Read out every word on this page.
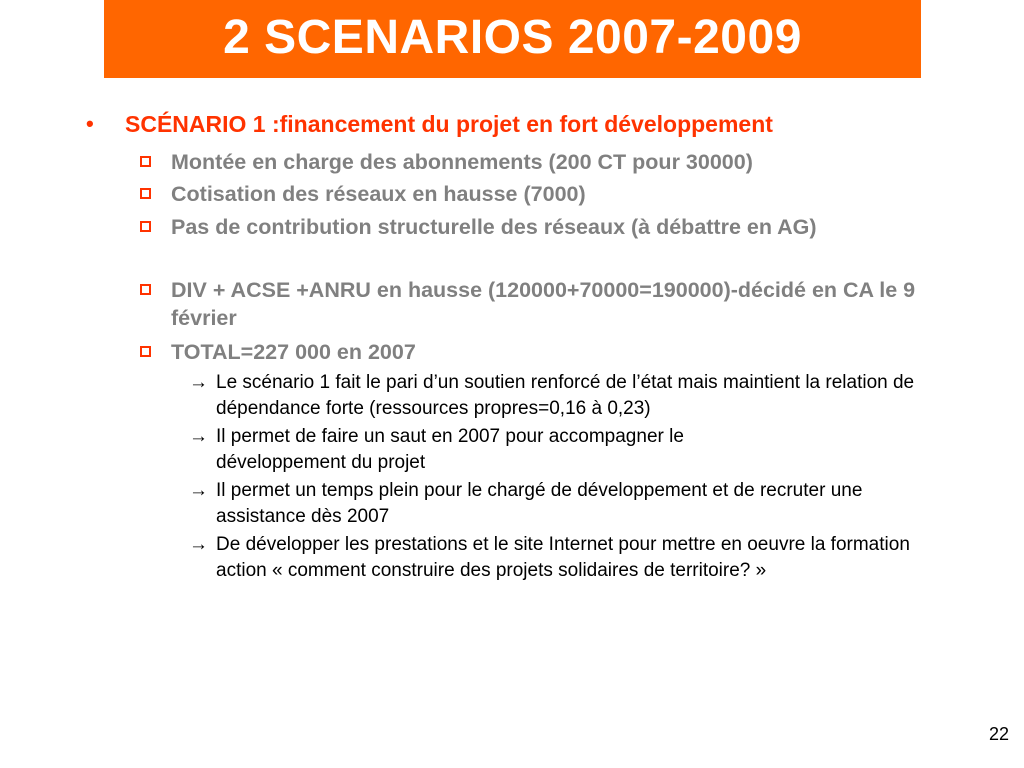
2 SCENARIOS 2007-2009
•	SCÉNARIO 1 :financement du projet en fort développement
Montée en charge des abonnements (200 CT pour 30000)
Cotisation des réseaux en hausse (7000)
Pas de contribution structurelle des réseaux (à débattre en AG)
DIV + ACSE +ANRU en hausse (120000+70000=190000)-décidé en CA le 9 février
TOTAL=227 000 en 2007
→ Le scénario 1 fait le pari d’un soutien renforcé de l’état mais maintient la relation de dépendance forte (ressources propres=0,16 à 0,23)
→ Il permet de faire un saut en 2007 pour accompagner le développement du projet
→ Il permet un temps plein pour le chargé de développement et de recruter une assistance dès 2007
→ De développer les prestations et le site Internet pour mettre en oeuvre la formation action « comment construire des projets solidaires de territoire? »
22
